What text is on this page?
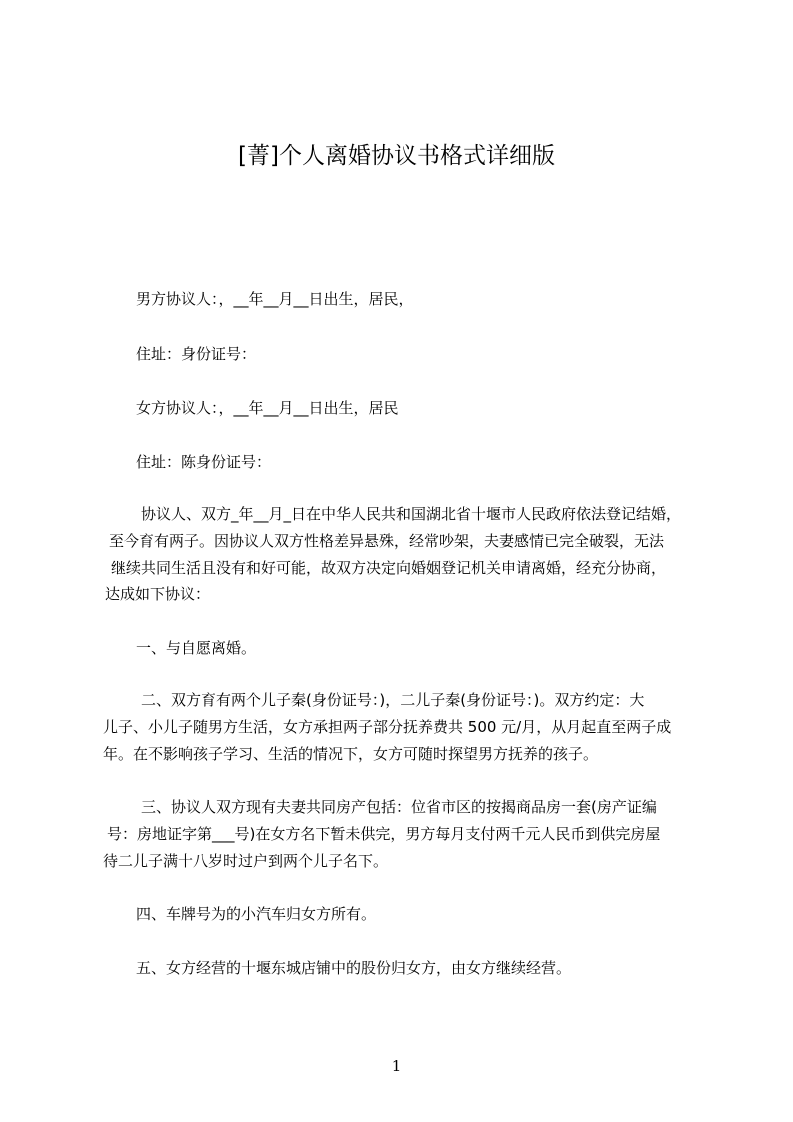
[菁]个人离婚协议书格式详细版
男方协议人：，__年__月__日出生，居民，
住址：身份证号：
女方协议人：，__年__月__日出生，居民
住址：陈身份证号：
协议人、双方_年__月_日在中华人民共和国湖北省十堰市人民政府依法登记结婚，
至今育有两子。因协议人双方性格差异悬殊，经常吵架，夫妻感情已完全破裂，无法
继续共同生活且没有和好可能，故双方决定向婚姻登记机关申请离婚，经充分协商，
达成如下协议：
一、与自愿离婚。
二、双方育有两个儿子秦(身份证号：)，二儿子秦(身份证号：)。双方约定：大
儿子、小儿子随男方生活，女方承担两子部分抚养费共 500 元/月，从月起直至两子成
年。在不影响孩子学习、生活的情况下，女方可随时探望男方抚养的孩子。
三、协议人双方现有夫妻共同房产包括：位省市区的按揭商品房一套(房产证编
号：房地证字第___号)在女方名下暂未供完，男方每月支付两千元人民币到供完房屋
待二儿子满十八岁时过户到两个儿子名下。
四、车牌号为的小汽车归女方所有。
五、女方经营的十堰东城店铺中的股份归女方，由女方继续经营。
1
